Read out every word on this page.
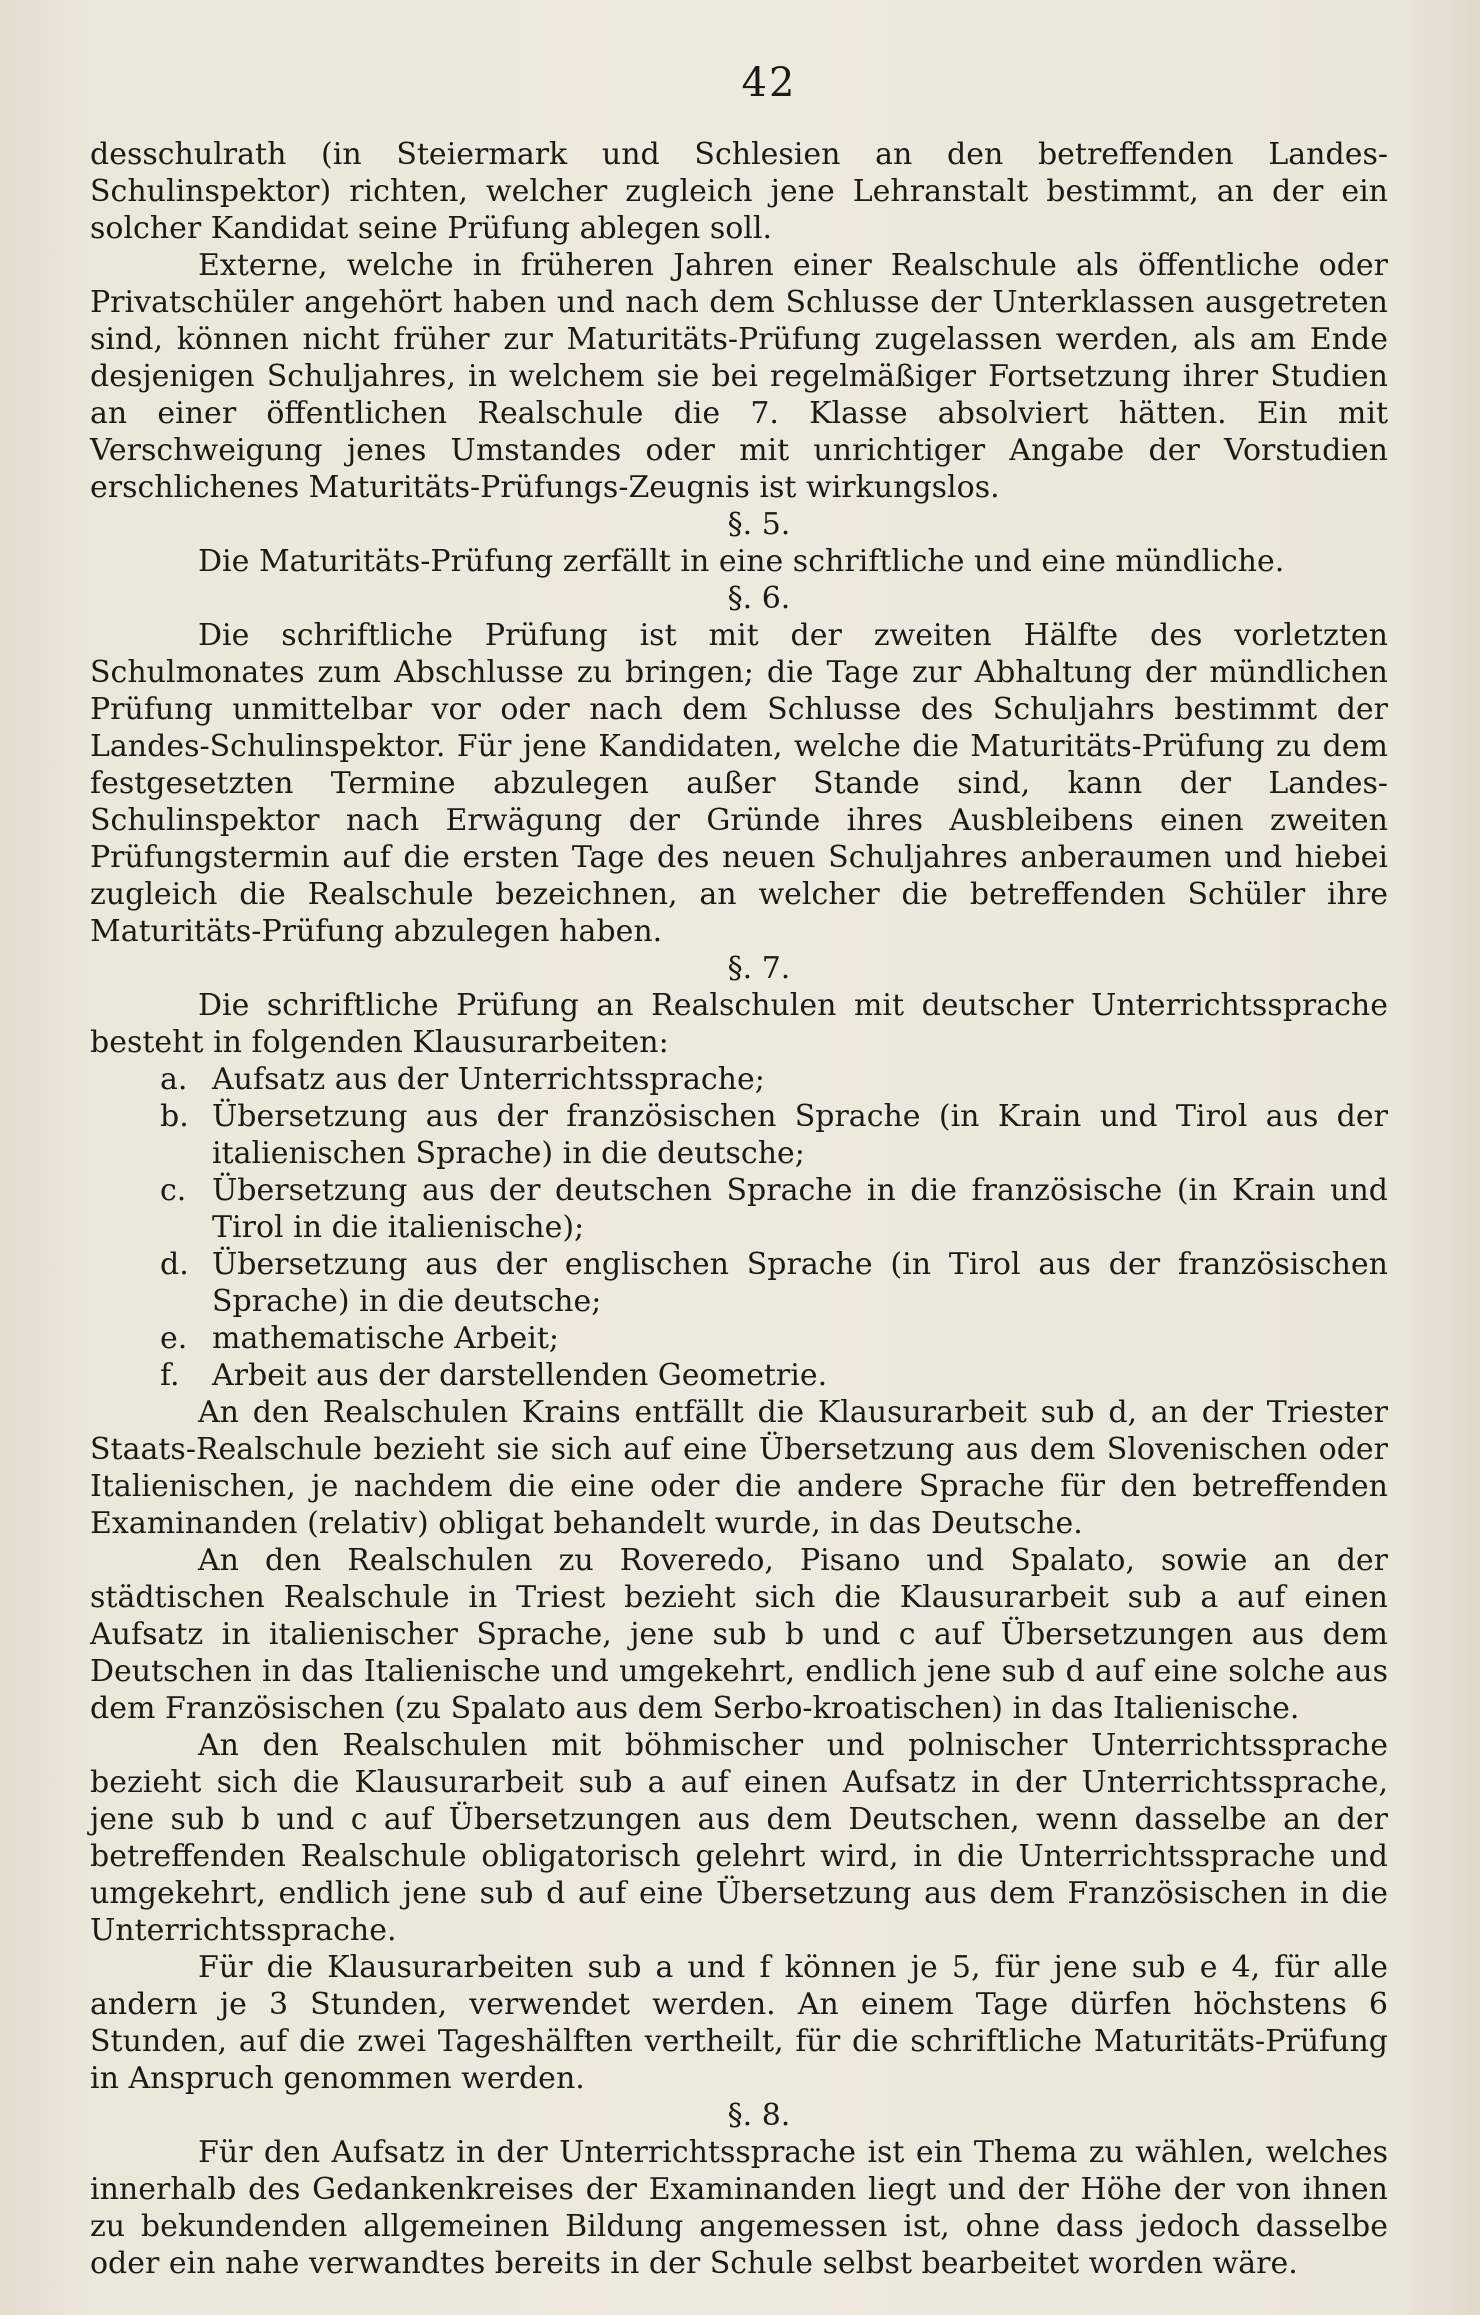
42

desschulrath (in Steiermark und Schlesien an den betreffenden Landes-Schulinspektor) richten, welcher zugleich jene Lehranstalt bestimmt, an der ein solcher Kandidat seine Prüfung ablegen soll.

Externe, welche in früheren Jahren einer Realschule als öffentliche oder Privatschüler angehört haben und nach dem Schlusse der Unterklassen ausgetreten sind, können nicht früher zur Maturitäts-Prüfung zugelassen werden, als am Ende desjenigen Schuljahres, in welchem sie bei regelmäßiger Fortsetzung ihrer Studien an einer öffentlichen Realschule die 7. Klasse absolviert hätten. Ein mit Verschweigung jenes Umstandes oder mit unrichtiger Angabe der Vorstudien erschlichenes Maturitäts-Prüfungs-Zeugnis ist wirkungslos.

§. 5.

Die Maturitäts-Prüfung zerfällt in eine schriftliche und eine mündliche.

§. 6.

Die schriftliche Prüfung ist mit der zweiten Hälfte des vorletzten Schulmonates zum Abschlusse zu bringen; die Tage zur Abhaltung der mündlichen Prüfung unmittelbar vor oder nach dem Schlusse des Schuljahrs bestimmt der Landes-Schulinspektor. Für jene Kandidaten, welche die Maturitäts-Prüfung zu dem festgesetzten Termine abzulegen außer Stande sind, kann der Landes-Schulinspektor nach Erwägung der Gründe ihres Ausbleibens einen zweiten Prüfungstermin auf die ersten Tage des neuen Schuljahres anberaumen und hiebei zugleich die Realschule bezeichnen, an welcher die betreffenden Schüler ihre Maturitäts-Prüfung abzulegen haben.

§. 7.

Die schriftliche Prüfung an Realschulen mit deutscher Unterrichtssprache besteht in folgenden Klausurarbeiten:

a. Aufsatz aus der Unterrichtssprache;
b. Übersetzung aus der französischen Sprache (in Krain und Tirol aus der italienischen Sprache) in die deutsche;
c. Übersetzung aus der deutschen Sprache in die französische (in Krain und Tirol in die italienische);
d. Übersetzung aus der englischen Sprache (in Tirol aus der französischen Sprache) in die deutsche;
e. mathematische Arbeit;
f. Arbeit aus der darstellenden Geometrie.

An den Realschulen Krains entfällt die Klausurarbeit sub d, an der Triester Staats-Realschule bezieht sie sich auf eine Übersetzung aus dem Slovenischen oder Italienischen, je nachdem die eine oder die andere Sprache für den betreffenden Examinanden (relativ) obligat behandelt wurde, in das Deutsche.

An den Realschulen zu Roveredo, Pisano und Spalato, sowie an der städtischen Realschule in Triest bezieht sich die Klausurarbeit sub a auf einen Aufsatz in italienischer Sprache, jene sub b und c auf Übersetzungen aus dem Deutschen in das Italienische und umgekehrt, endlich jene sub d auf eine solche aus dem Französischen (zu Spalato aus dem Serbo-kroatischen) in das Italienische.

An den Realschulen mit böhmischer und polnischer Unterrichtssprache bezieht sich die Klausurarbeit sub a auf einen Aufsatz in der Unterrichtssprache, jene sub b und c auf Übersetzungen aus dem Deutschen, wenn dasselbe an der betreffenden Realschule obligatorisch gelehrt wird, in die Unterrichtssprache und umgekehrt, endlich jene sub d auf eine Übersetzung aus dem Französischen in die Unterrichtssprache.

Für die Klausurarbeiten sub a und f können je 5, für jene sub e 4, für alle andern je 3 Stunden, verwendet werden. An einem Tage dürfen höchstens 6 Stunden, auf die zwei Tageshälften vertheilt, für die schriftliche Maturitäts-Prüfung in Anspruch genommen werden.

§. 8.

Für den Aufsatz in der Unterrichtssprache ist ein Thema zu wählen, welches innerhalb des Gedankenkreises der Examinanden liegt und der Höhe der von ihnen zu bekundenden allgemeinen Bildung angemessen ist, ohne dass jedoch dasselbe oder ein nahe verwandtes bereits in der Schule selbst bearbeitet worden wäre.
